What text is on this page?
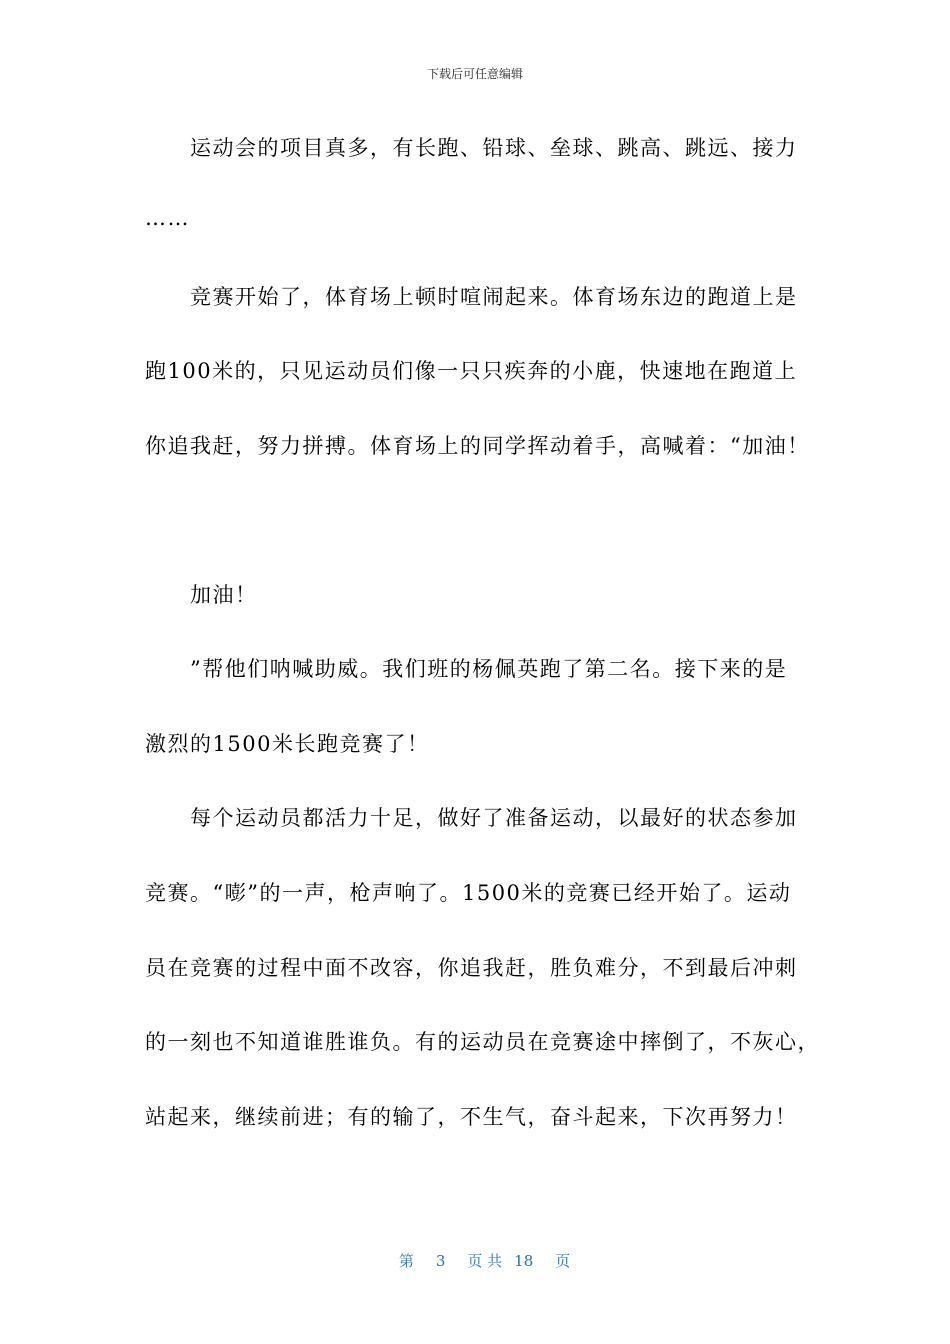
下载后可任意编辑
运动会的项目真多，有长跑、铅球、垒球、跳高、跳远、接力
……
竞赛开始了，体育场上顿时喧闹起来。体育场东边的跑道上是
跑100米的，只见运动员们像一只只疾奔的小鹿，快速地在跑道上
你追我赶，努力拼搏。体育场上的同学挥动着手，高喊着：“加油！
加油！
”帮他们呐喊助威。我们班的杨佩英跑了第二名。接下来的是
激烈的1500米长跑竞赛了！
每个运动员都活力十足，做好了准备运动，以最好的状态参加
竞赛。“嘭”的一声，枪声响了。1500米的竞赛已经开始了。运动
员在竞赛的过程中面不改容，你追我赶，胜负难分，不到最后冲刺
的一刻也不知道谁胜谁负。有的运动员在竞赛途中摔倒了，不灰心，
站起来，继续前进；有的输了，不生气，奋斗起来，下次再努力！

第 3 页 共 18 页
